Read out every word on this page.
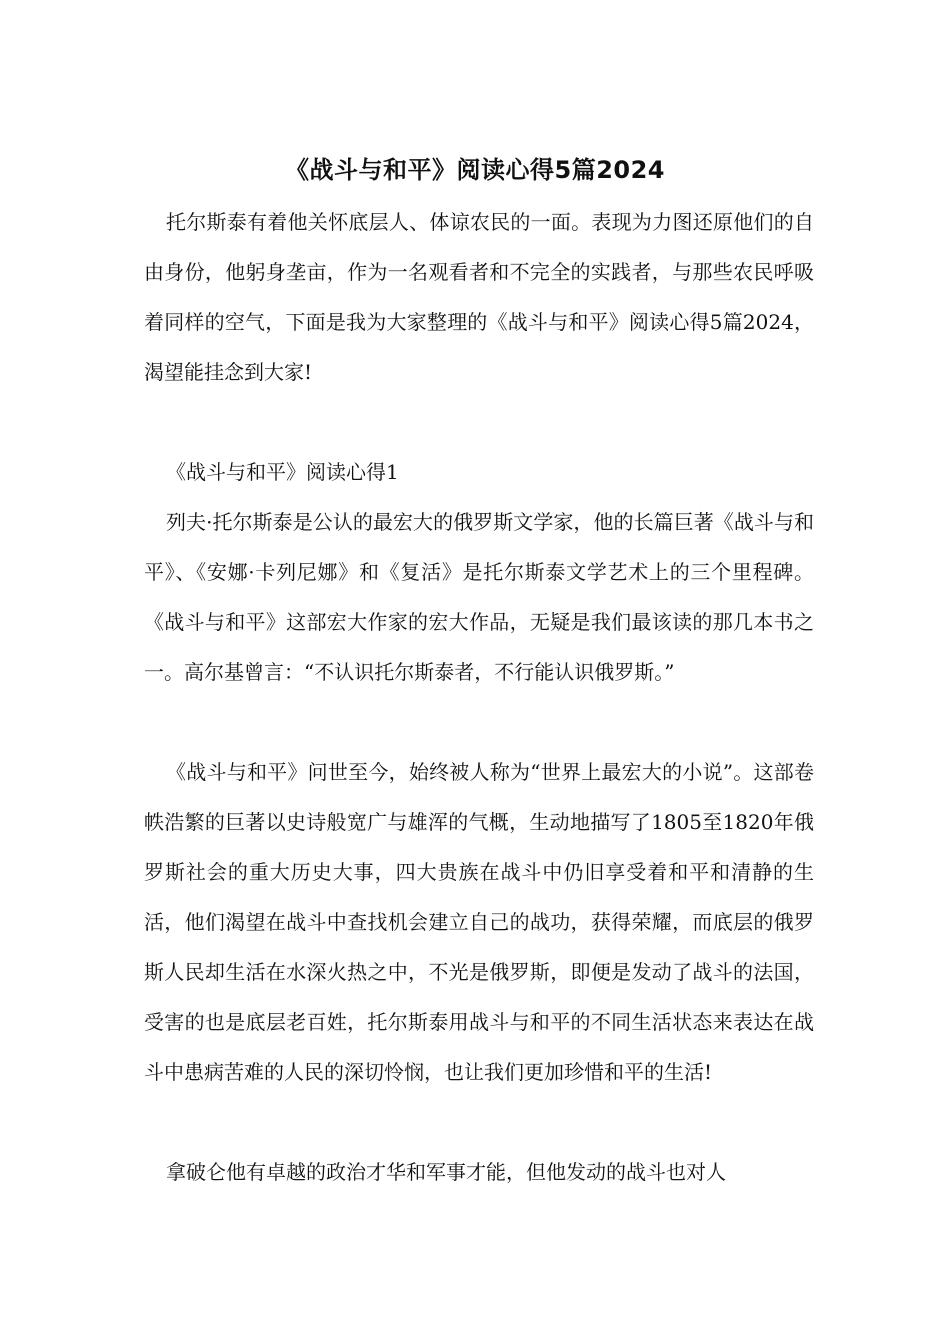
《战斗与和平》阅读心得5篇2024

托尔斯泰有着他关怀底层人、体谅农民的一面。表现为力图还原他们的自由身份，他躬身垄亩，作为一名观看者和不完全的实践者，与那些农民呼吸着同样的空气，下面是我为大家整理的《战斗与和平》阅读心得5篇2024，渴望能挂念到大家!

《战斗与和平》阅读心得1

列夫·托尔斯泰是公认的最宏大的俄罗斯文学家，他的长篇巨著《战斗与和平》、《安娜·卡列尼娜》和《复活》是托尔斯泰文学艺术上的三个里程碑。《战斗与和平》这部宏大作家的宏大作品，无疑是我们最该读的那几本书之一。高尔基曾言：“不认识托尔斯泰者，不行能认识俄罗斯。”

《战斗与和平》问世至今，始终被人称为“世界上最宏大的小说”。这部卷帙浩繁的巨著以史诗般宽广与雄浑的气概，生动地描写了1805至1820年俄罗斯社会的重大历史大事，四大贵族在战斗中仍旧享受着和平和清静的生活，他们渴望在战斗中查找机会建立自己的战功，获得荣耀，而底层的俄罗斯人民却生活在水深火热之中，不光是俄罗斯，即便是发动了战斗的法国，受害的也是底层老百姓，托尔斯泰用战斗与和平的不同生活状态来表达在战斗中患病苦难的人民的深切怜悯，也让我们更加珍惜和平的生活!

拿破仑他有卓越的政治才华和军事才能，但他发动的战斗也对人
